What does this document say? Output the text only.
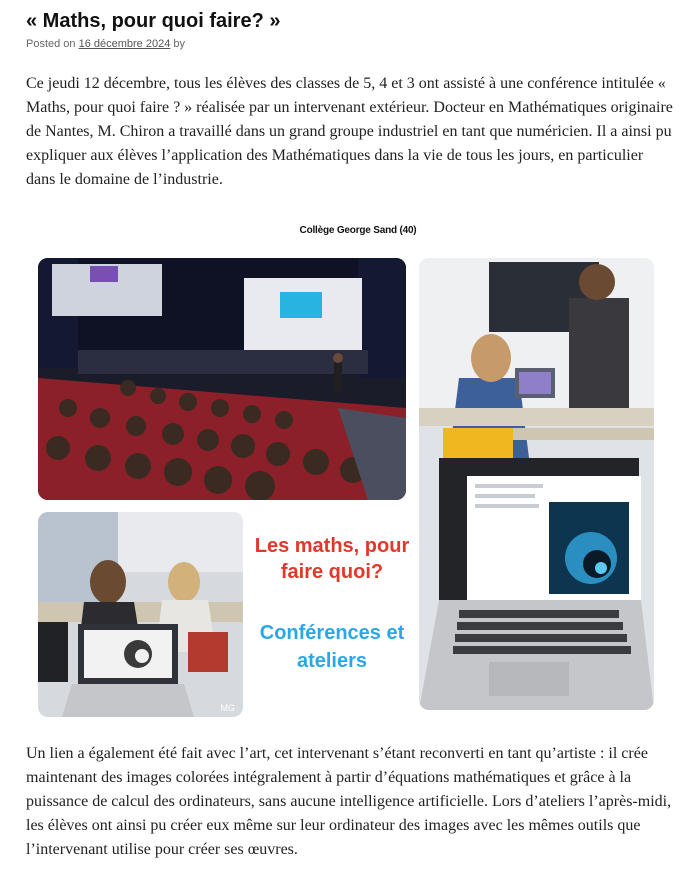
« Maths, pour quoi faire? »
Posted on 16 décembre 2024 by

Ce jeudi 12 décembre, tous les élèves des classes de 5, 4 et 3 ont assisté à une conférence intitulée « Maths, pour quoi faire ? » réalisée par un intervenant extérieur. Docteur en Mathématiques originaire de Nantes, M. Chiron a travaillé dans un grand groupe industriel en tant que numéricien. Il a ainsi pu expliquer aux élèves l’application des Mathématiques dans la vie de tous les jours, en particulier dans le domaine de l’industrie.

Collège George Sand (40)
MG
Les maths, pour faire quoi?
Conférences et ateliers

Un lien a également été fait avec l’art, cet intervenant s’étant reconverti en tant qu’artiste : il crée maintenant des images colorées intégralement à partir d’équations mathématiques et grâce à la puissance de calcul des ordinateurs, sans aucune intelligence artificielle. Lors d’ateliers l’après-midi, les élèves ont ainsi pu créer eux même sur leur ordinateur des images avec les mêmes outils que l’intervenant utilise pour créer ses œuvres.
